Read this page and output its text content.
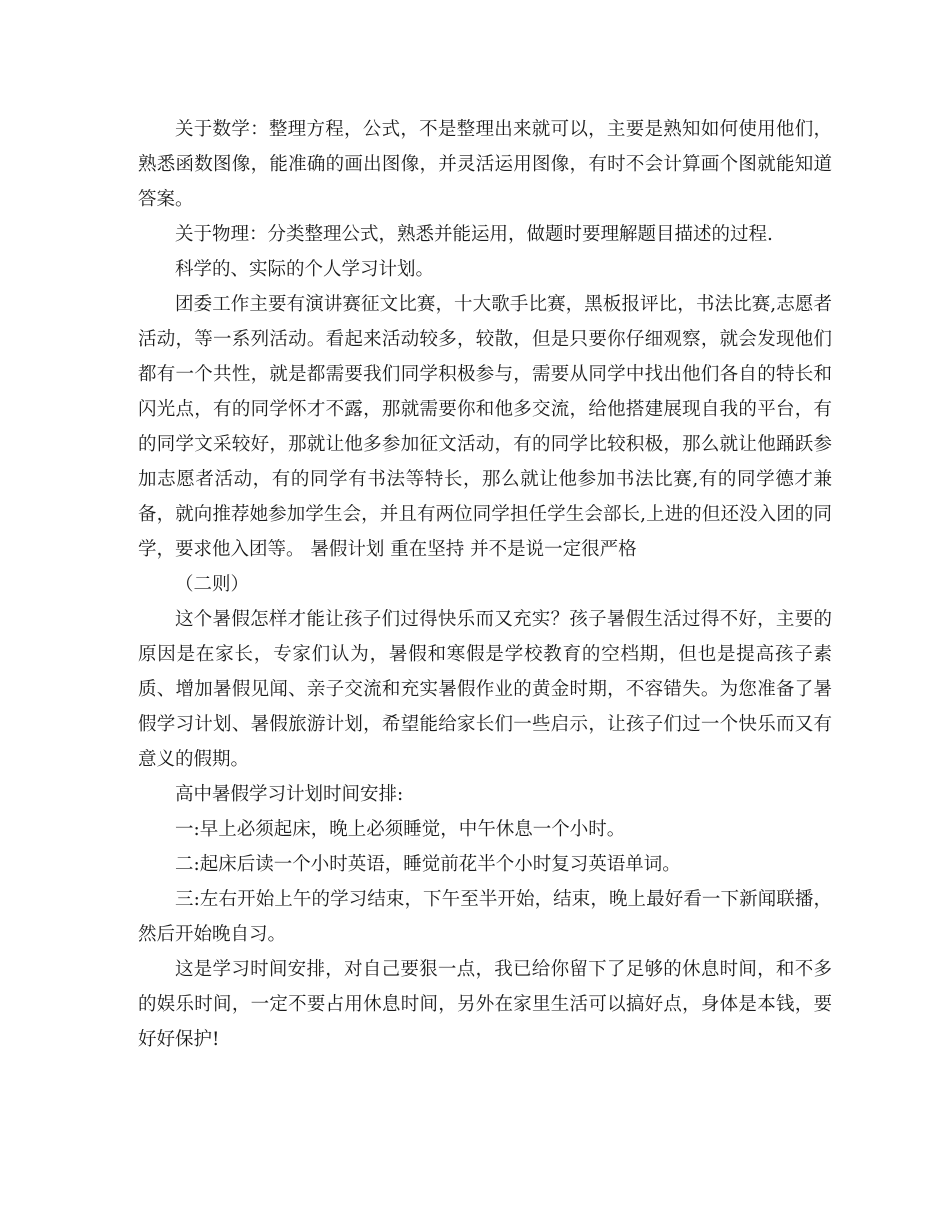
关于数学：整理方程，公式，不是整理出来就可以，主要是熟知如何使用他们，熟悉函数图像，能准确的画出图像，并灵活运用图像，有时不会计算画个图就能知道答案。

关于物理：分类整理公式，熟悉并能运用，做题时要理解题目描述的过程.

科学的、实际的个人学习计划。

团委工作主要有演讲赛征文比赛，十大歌手比赛，黑板报评比，书法比赛,志愿者活动，等一系列活动。看起来活动较多，较散，但是只要你仔细观察，就会发现他们都有一个共性，就是都需要我们同学积极参与，需要从同学中找出他们各自的特长和闪光点，有的同学怀才不露，那就需要你和他多交流，给他搭建展现自我的平台，有的同学文采较好，那就让他多参加征文活动，有的同学比较积极，那么就让他踊跃参加志愿者活动，有的同学有书法等特长，那么就让他参加书法比赛,有的同学德才兼备，就向推荐她参加学生会，并且有两位同学担任学生会部长,上进的但还没入团的同学，要求他入团等。 暑假计划 重在坚持 并不是说一定很严格

（二则）

这个暑假怎样才能让孩子们过得快乐而又充实？孩子暑假生活过得不好，主要的原因是在家长，专家们认为，暑假和寒假是学校教育的空档期，但也是提高孩子素质、增加暑假见闻、亲子交流和充实暑假作业的黄金时期，不容错失。为您准备了暑假学习计划、暑假旅游计划，希望能给家长们一些启示，让孩子们过一个快乐而又有意义的假期。

高中暑假学习计划时间安排:

一:早上必须起床，晚上必须睡觉，中午休息一个小时。

二:起床后读一个小时英语，睡觉前花半个小时复习英语单词。

三:左右开始上午的学习结束，下午至半开始，结束，晚上最好看一下新闻联播，然后开始晚自习。

这是学习时间安排，对自己要狠一点，我已给你留下了足够的休息时间，和不多的娱乐时间，一定不要占用休息时间，另外在家里生活可以搞好点，身体是本钱，要好好保护!
